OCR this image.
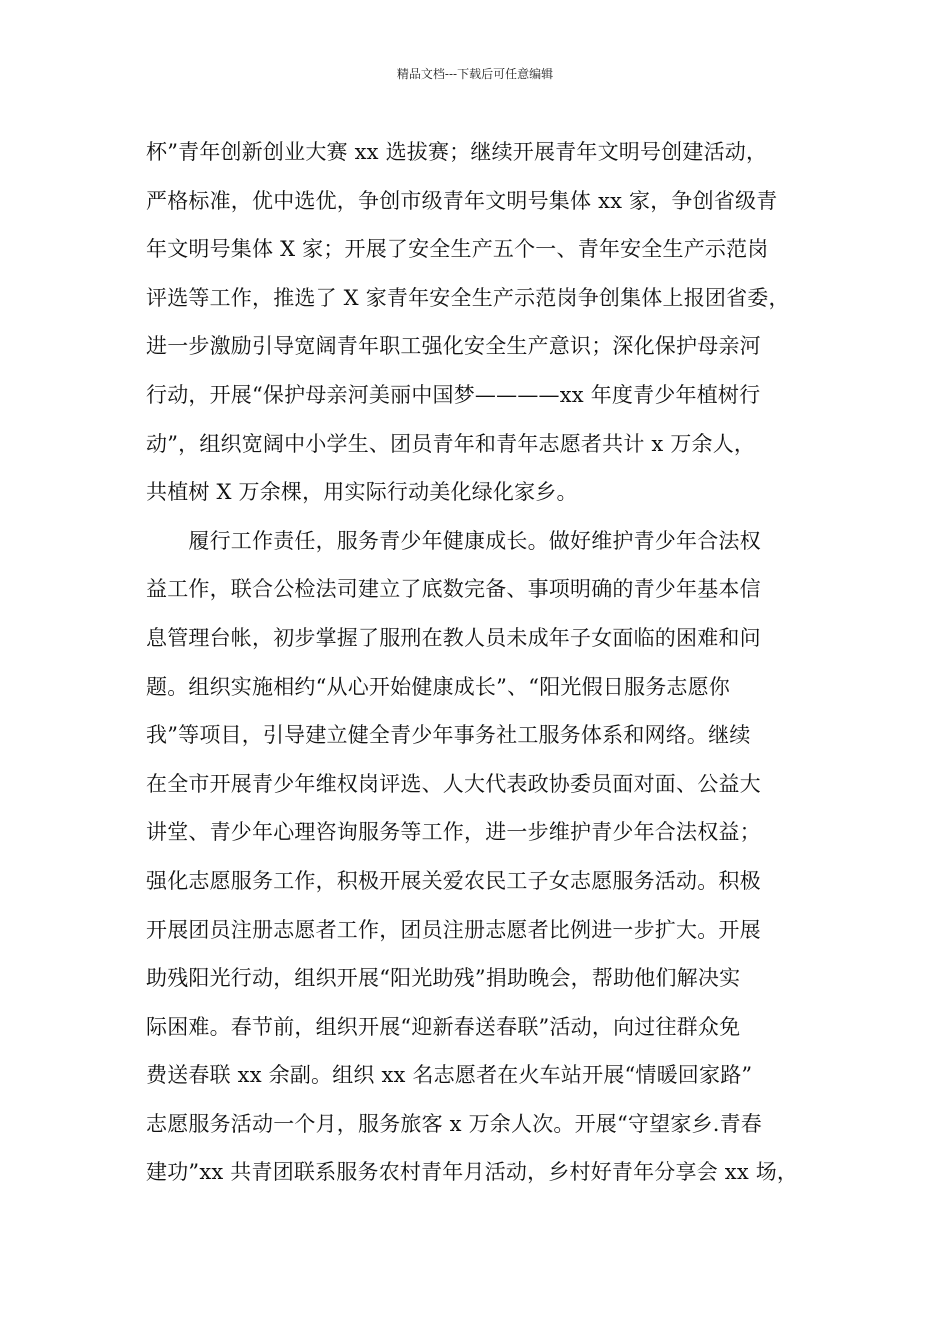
精品文档---下载后可任意编辑
杯”青年创新创业大赛 xx 选拔赛；继续开展青年文明号创建活动，
严格标准，优中选优，争创市级青年文明号集体 xx 家，争创省级青
年文明号集体 X 家；开展了安全生产五个一、青年安全生产示范岗
评选等工作，推选了 X 家青年安全生产示范岗争创集体上报团省委，
进一步激励引导宽阔青年职工强化安全生产意识；深化保护母亲河
行动，开展“保护母亲河美丽中国梦————xx 年度青少年植树行
动”，组织宽阔中小学生、团员青年和青年志愿者共计 x 万余人，
共植树 X 万余棵，用实际行动美化绿化家乡。
　　履行工作责任，服务青少年健康成长。做好维护青少年合法权
益工作，联合公检法司建立了底数完备、事项明确的青少年基本信
息管理台帐，初步掌握了服刑在教人员未成年子女面临的困难和问
题。组织实施相约“从心开始健康成长”、“阳光假日服务志愿你
我”等项目，引导建立健全青少年事务社工服务体系和网络。继续
在全市开展青少年维权岗评选、人大代表政协委员面对面、公益大
讲堂、青少年心理咨询服务等工作，进一步维护青少年合法权益；
强化志愿服务工作，积极开展关爱农民工子女志愿服务活动。积极
开展团员注册志愿者工作，团员注册志愿者比例进一步扩大。开展
助残阳光行动，组织开展“阳光助残”捐助晚会，帮助他们解决实
际困难。春节前，组织开展“迎新春送春联”活动，向过往群众免
费送春联 xx 余副。组织 xx 名志愿者在火车站开展“情暖回家路”
志愿服务活动一个月，服务旅客 x 万余人次。开展“守望家乡.青春
建功”xx 共青团联系服务农村青年月活动，乡村好青年分享会 xx 场，
